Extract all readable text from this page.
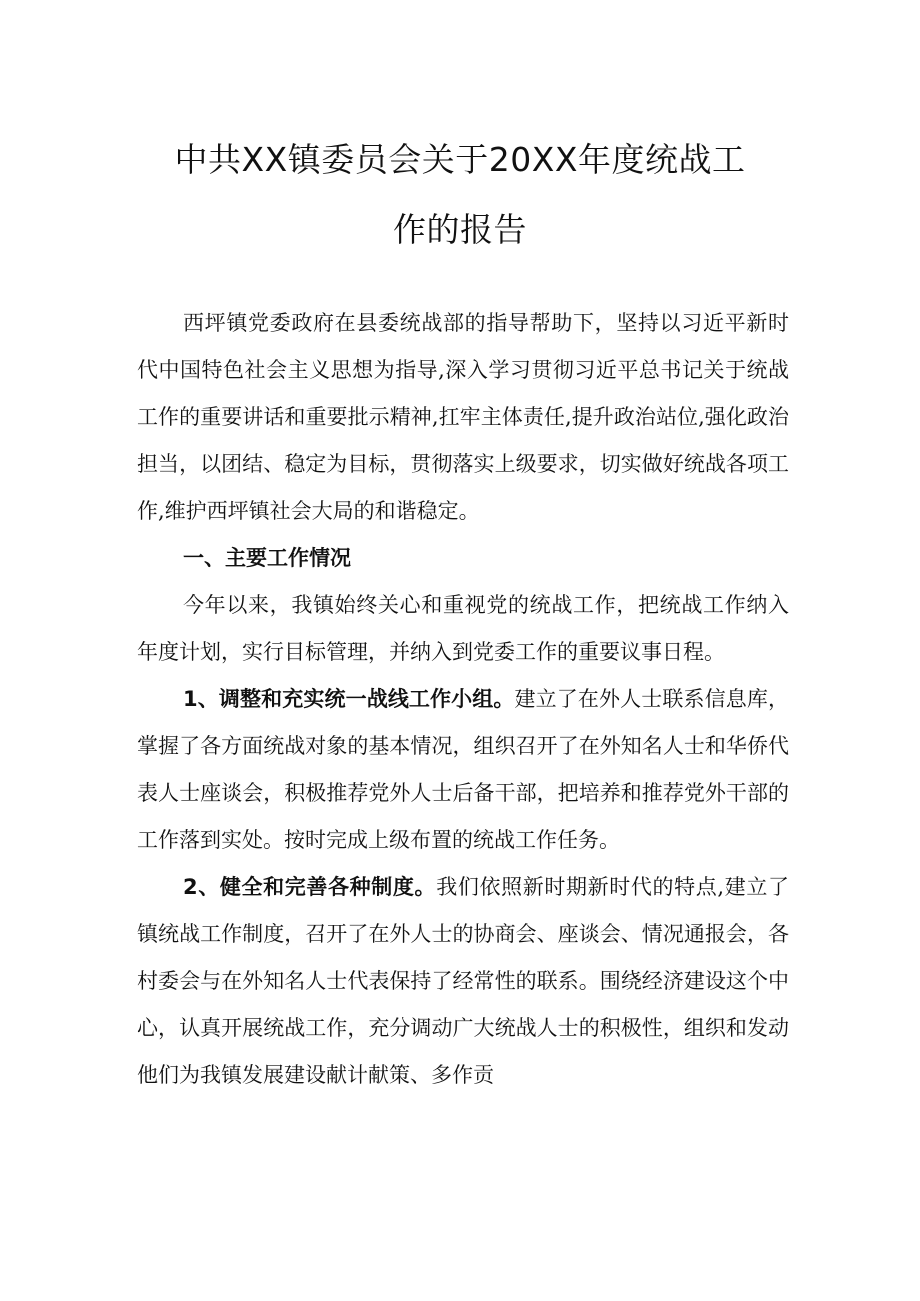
中共XX镇委员会关于20XX年度统战工
作的报告

西坪镇党委政府在县委统战部的指导帮助下，坚持以习近平新时代中国特色社会主义思想为指导,深入学习贯彻习近平总书记关于统战工作的重要讲话和重要批示精神,扛牢主体责任,提升政治站位,强化政治担当，以团结、稳定为目标，贯彻落实上级要求，切实做好统战各项工作,维护西坪镇社会大局的和谐稳定。

一、主要工作情况

今年以来，我镇始终关心和重视党的统战工作，把统战工作纳入年度计划，实行目标管理，并纳入到党委工作的重要议事日程。

1、调整和充实统一战线工作小组。建立了在外人士联系信息库，掌握了各方面统战对象的基本情况，组织召开了在外知名人士和华侨代表人士座谈会，积极推荐党外人士后备干部，把培养和推荐党外干部的工作落到实处。按时完成上级布置的统战工作任务。

2、健全和完善各种制度。我们依照新时期新时代的特点,建立了镇统战工作制度，召开了在外人士的协商会、座谈会、情况通报会，各村委会与在外知名人士代表保持了经常性的联系。围绕经济建设这个中心，认真开展统战工作，充分调动广大统战人士的积极性，组织和发动他们为我镇发展建设献计献策、多作贡
